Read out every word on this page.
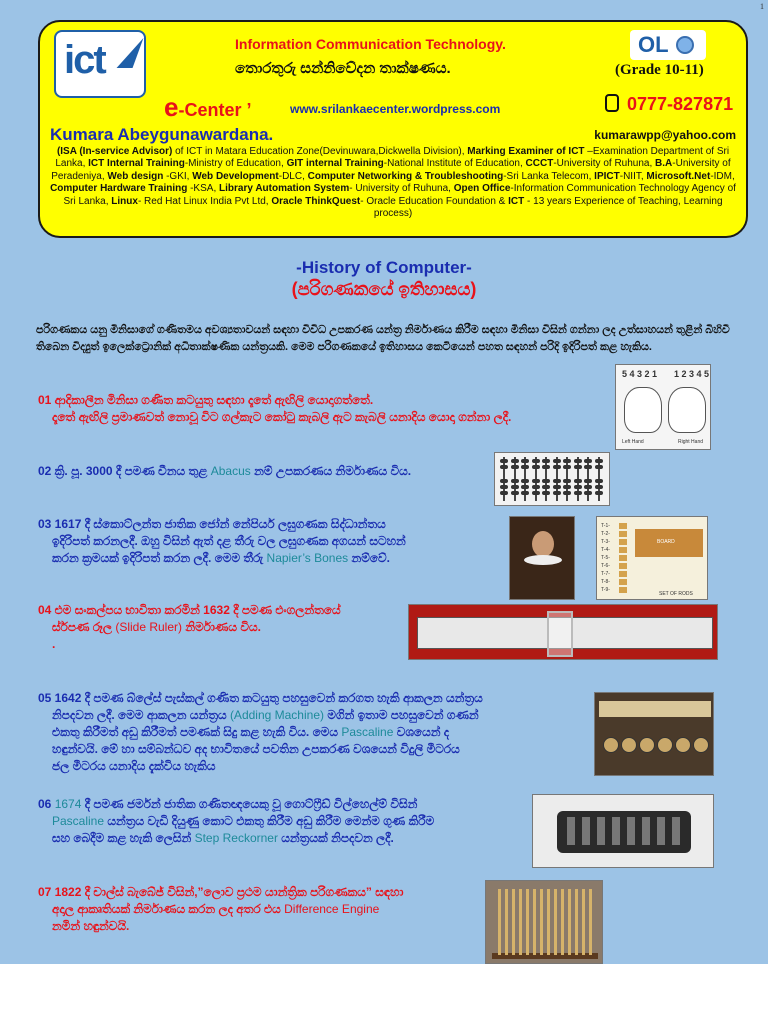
1
ict	Information Communication Technology.
තොරතුරු සන්නිවේදන තාක්ෂණය.
OL
(Grade 10-11)
e-Center ’	www.srilankaecenter.wordpress.com	0777-827871
Kumara Abeygunawardana.	kumarawpp@yahoo.com
(ISA (In-service Advisor) of ICT in Matara Education Zone(Devinuwara,Dickwella Division), Marking Examiner of ICT –Examination Department of Sri Lanka, ICT Internal Training-Ministry of Education, GIT internal Training-National Institute of Education, CCCT-University of Ruhuna, B.A-University of Peradeniya, Web design -GKI, Web Development-DLC, Computer Networking & Troubleshooting-Sri Lanka Telecom, IPICT-NIIT, Microsoft.Net-IDM, Computer Hardware Training -KSA, Library Automation System- University of Ruhuna, Open Office-Information Communication Technology Agency of Sri Lanka, Linux- Red Hat Linux India Pvt Ltd, Oracle ThinkQuest- Oracle Education Foundation & ICT - 13 years Experience of Teaching, Learning process)
-History of Computer-
(පරිගණකයේ ඉතිහාසය)
පරිගණකය යනු මිනිසාගේ ගණිතමය අවශ්‍යතාවයන් සඳහා විවිධ උපකරණ යන්ත්‍ර නිර්මාණය කිරීම සඳහා මිනිසා විසින් ගන්නා ලද උත්සාහයන් තුළින් බිහිවී තිබෙන විද්‍යුත් ඉලෙක්ට්‍රොනික් අධිතාක්ෂණික යන්ත්‍රයකි. මෙම පරිගණකයේ ඉතිහාසය කෙටියෙන් පහත සඳහන් පරිදි ඉදිරිපත් කළ හැකිය.
01 ආදිකාලීන මිනිසා ගණිත කටයුතු සඳහා දෑතේ ඇඟිලි යොදාගත්තේ.
දෑතේ ඇඟිලි ප්‍රමාණවත් නොවූ විට ගල්කැට කෝටු කැබලි ඇට කැබලි යනාදිය යොදා ගන්නා ලදී.
02 ක්‍රි. පූ. 3000 දී පමණ චීනය තුළ Abacus නම් උපකරණය නිර්මාණය විය.
03 1617 දී ස්කොට්ලන්ත ජාතික ජෝන් නේපියර් ලඝුගණක සිද්ධාන්තය
ඉදිරිපත් කරනලදී. ඔහු විසින් ඇත් දළ තීරු වල ලඝුගණක අගයන් සටහන්
කරන ක්‍රමයක් ඉදිරිපත් කරන ලදී. මෙම තීරු Napier’s Bones නම්වේ.
04 එම සංකල්පය භාවිතා කරමින් 1632 දී පමණ එංගලන්තයේ
ස්ර්පණ රූල (Slide Ruler) නිර්මාණය විය.
.
05 1642 දී පමණ බ්ලේස් පැස්කල් ගණිත කටයුතු පහසුවෙන් කරගත හැකි ආකලන යන්ත්‍රය
නිපදවන ලදී. මෙම ආකලන යන්ත්‍රය (Adding Machine) මගින් ඉතාම පහසුවෙන් ගණන්
එකතු කිරීමත් අඩු කිරීමත් පමණක් සිදු කළ හැකි විය. මෙය Pascaline වශයෙන් ද
හඳුන්වයි. මේ හා සම්බන්ධව අද භාවිතයේ පවතින උපකරණ වශයෙන් විදුලි මීටරය
ජල මීටරය යනාදිය දැක්විය හැකිය
06 1674 දී පමණ ජර්මන් ජාතික ගණිතඥයෙකු වූ ගොට්ෆ්‍රීඩ් විල්හෙල්ම් විසින්
Pascaline යන්ත්‍රය වැඩි දියුණු කොට එකතු කිරීම අඩු කිරීම මෙන්ම ගුණ කිරීම
සහ බෙදීම කළ හැකි ලෙසින් Step Reckorner යන්ත්‍රයක් නිපදවන ලදී.
07 1822 දී චාල්ස් බැබේජ් විසින්,”ලොව ප්‍රථම යාන්ත්‍රික පරිගණකය” සඳහා
අදාල ආකෘතියක් නිර්මාණය කරන ලද අතර එය Difference Engine
නමින් හඳුන්වයි.
5 4 3 2 1 1 2 3 4 5
Left Hand	Right Hand
BOARD
SET OF RODS
T-1-
T-2-
T-3-
T-4-
T-5-
T-6-
T-7-
T-8-
T-9-
